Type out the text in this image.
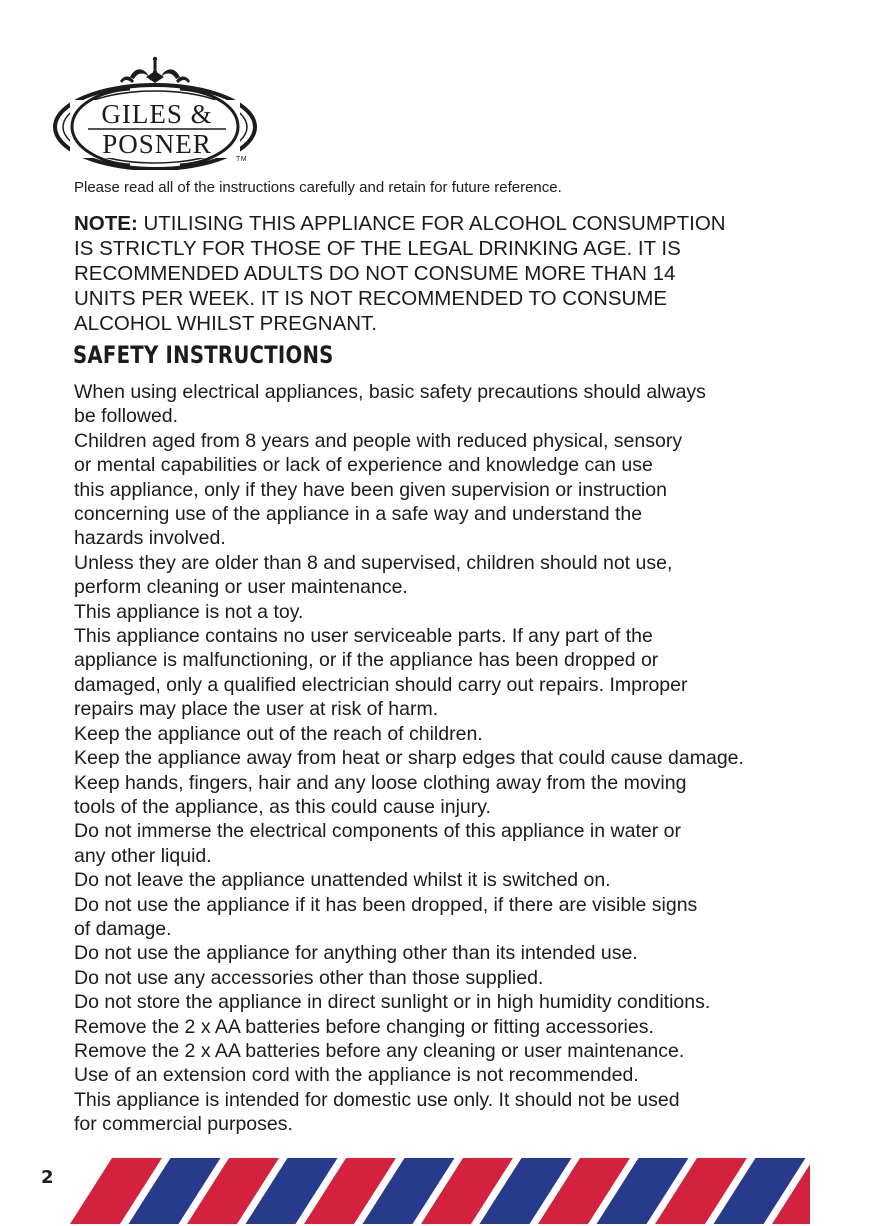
GILES &
POSNER
TM

Please read all of the instructions carefully and retain for future reference.

NOTE: UTILISING THIS APPLIANCE FOR ALCOHOL CONSUMPTION
IS STRICTLY FOR THOSE OF THE LEGAL DRINKING AGE. IT IS
RECOMMENDED ADULTS DO NOT CONSUME MORE THAN 14
UNITS PER WEEK. IT IS NOT RECOMMENDED TO CONSUME
ALCOHOL WHILST PREGNANT.
SAFETY INSTRUCTIONS
When using electrical appliances, basic safety precautions should always
be followed.
Children aged from 8 years and people with reduced physical, sensory
or mental capabilities or lack of experience and knowledge can use
this appliance, only if they have been given supervision or instruction
concerning use of the appliance in a safe way and understand the
hazards involved.
Unless they are older than 8 and supervised, children should not use,
perform cleaning or user maintenance.
This appliance is not a toy.
This appliance contains no user serviceable parts. If any part of the
appliance is malfunctioning, or if the appliance has been dropped or
damaged, only a qualified electrician should carry out repairs. Improper
repairs may place the user at risk of harm.
Keep the appliance out of the reach of children.
Keep the appliance away from heat or sharp edges that could cause damage.
Keep hands, fingers, hair and any loose clothing away from the moving
tools of the appliance, as this could cause injury.
Do not immerse the electrical components of this appliance in water or
any other liquid.
Do not leave the appliance unattended whilst it is switched on.
Do not use the appliance if it has been dropped, if there are visible signs
of damage.
Do not use the appliance for anything other than its intended use.
Do not use any accessories other than those supplied.
Do not store the appliance in direct sunlight or in high humidity conditions.
Remove the 2 x AA batteries before changing or fitting accessories.
Remove the 2 x AA batteries before any cleaning or user maintenance.
Use of an extension cord with the appliance is not recommended.
This appliance is intended for domestic use only. It should not be used
for commercial purposes.
2
